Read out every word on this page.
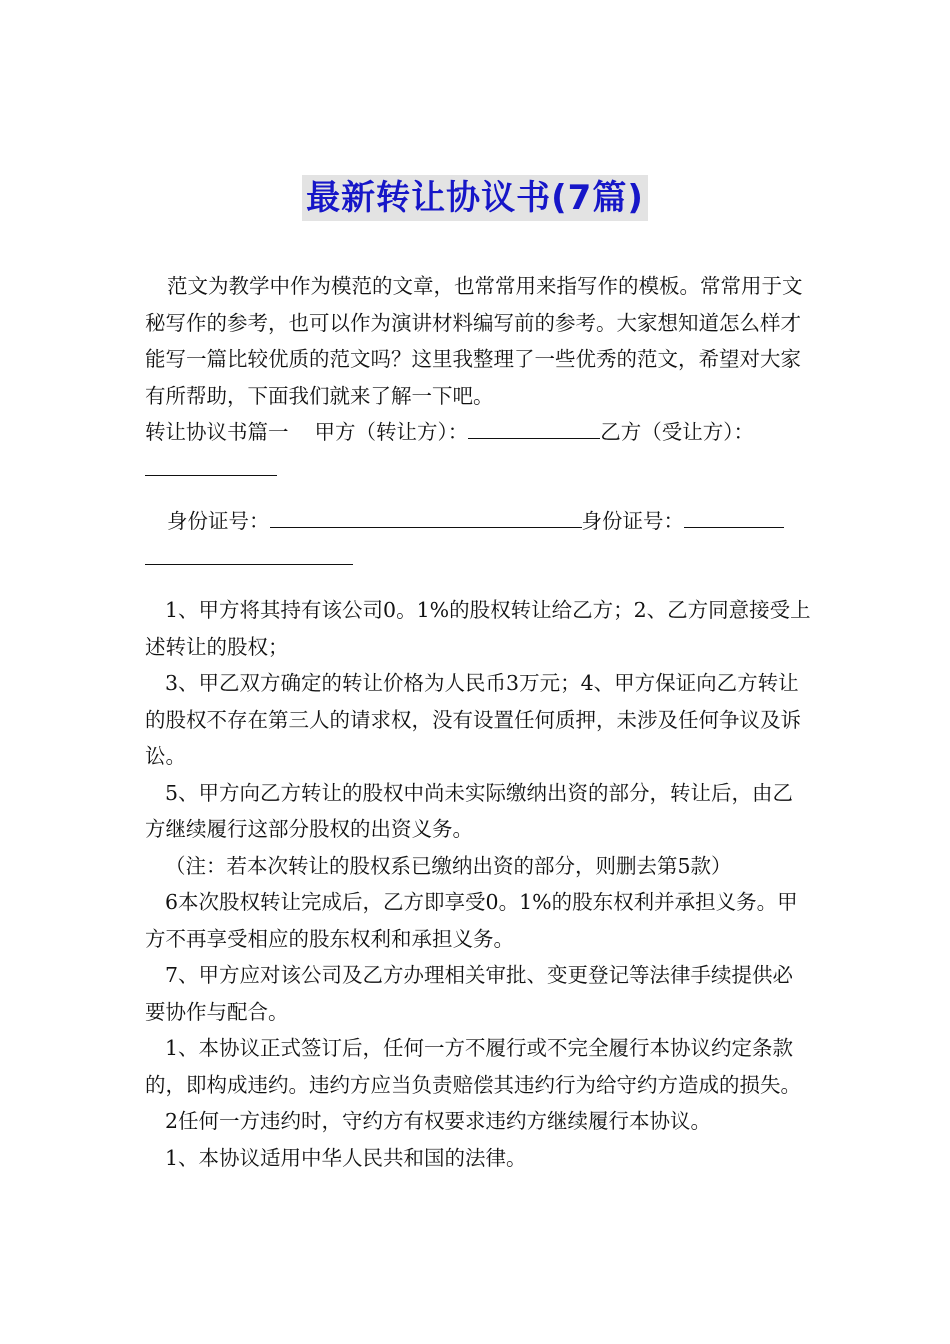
最新转让协议书(7篇)

范文为教学中作为模范的文章，也常常用来指写作的模板。常常用于文秘写作的参考，也可以作为演讲材料编写前的参考。大家想知道怎么样才能写一篇比较优质的范文吗？这里我整理了一些优秀的范文，希望对大家有所帮助，下面我们就来了解一下吧。

转让协议书篇一 甲方（转让方）：	乙方（受让方）：

身份证号：	身份证号：

1、甲方将其持有该公司0。1%的股权转让给乙方；2、乙方同意接受上述转让的股权；

3、甲乙双方确定的转让价格为人民币3万元；4、甲方保证向乙方转让的股权不存在第三人的请求权，没有设置任何质押，未涉及任何争议及诉讼。

5、甲方向乙方转让的股权中尚未实际缴纳出资的部分，转让后，由乙方继续履行这部分股权的出资义务。

（注：若本次转让的股权系已缴纳出资的部分，则删去第5款）

6本次股权转让完成后，乙方即享受0。1%的股东权利并承担义务。甲方不再享受相应的股东权利和承担义务。

7、甲方应对该公司及乙方办理相关审批、变更登记等法律手续提供必要协作与配合。

1、本协议正式签订后，任何一方不履行或不完全履行本协议约定条款的，即构成违约。违约方应当负责赔偿其违约行为给守约方造成的损失。

2任何一方违约时，守约方有权要求违约方继续履行本协议。

1、本协议适用中华人民共和国的法律。
